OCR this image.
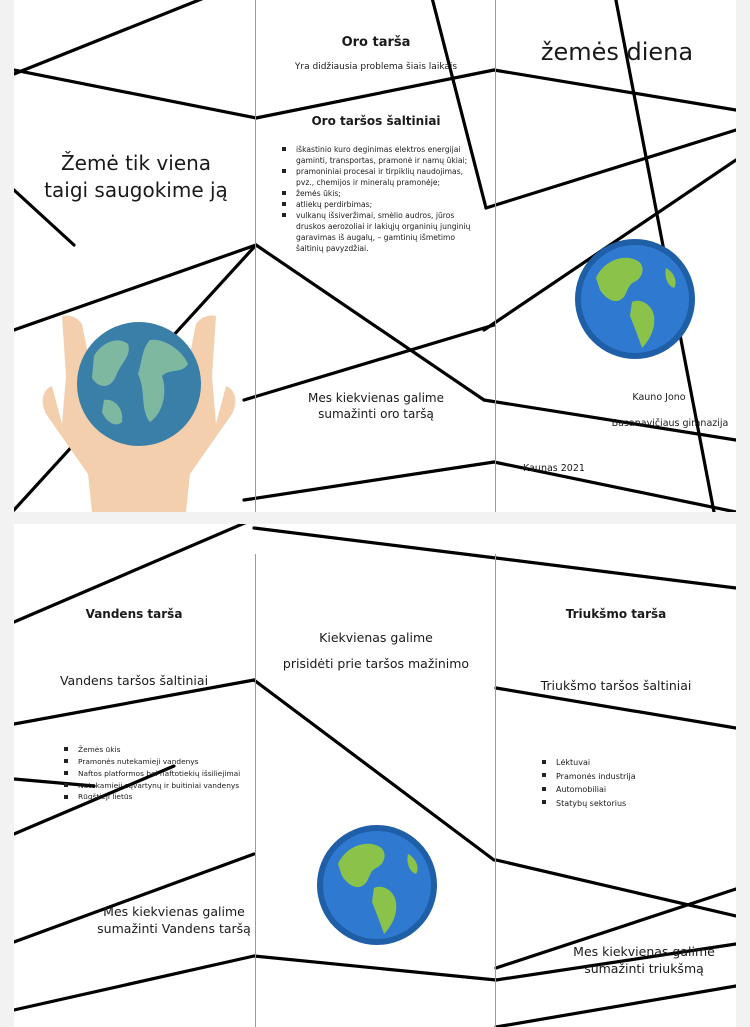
Žemė tik viena
taigi saugokime ją
Oro tarša
Yra didžiausia problema šiais laikais
Oro taršos šaltiniai
iškastinio kuro deginimas elektros energijai gaminti, transportas, pramonė ir namų ūkiai;
pramoniniai procesai ir tirpiklių naudojimas, pvz., chemijos ir mineralų pramonėje;
žemės ūkis;
atliekų perdirbimas;
vulkanų išsiveržimai, smėlio audros, jūros druskos aerozoliai ir lakiųjų organinių junginių garavimas iš augalų, – gamtinių išmetimo šaltinių pavyzdžiai.
Mes kiekvienas galime
sumažinti oro taršą
žemės diena
Kauno Jono
Basanavičiaus gimnazija
Kaunas 2021
Vandens tarša
Vandens taršos šaltiniai
Žemės ūkis
Pramonės nutekamieji vandenys
Naftos platformos bei naftotiekių išsiliejimai
Nutekamieji sąvartynų ir buitiniai vandenys
Rūgštieji lietūs
Mes kiekvienas galime
sumažinti Vandens taršą
Kiekvienas galime
prisidėti prie taršos mažinimo
Triukšmo tarša
Triukšmo taršos šaltiniai
Lėktuvai
Pramonės industrija
Automobiliai
Statybų sektorius
Mes kiekvienas galime
sumažinti triukšmą
